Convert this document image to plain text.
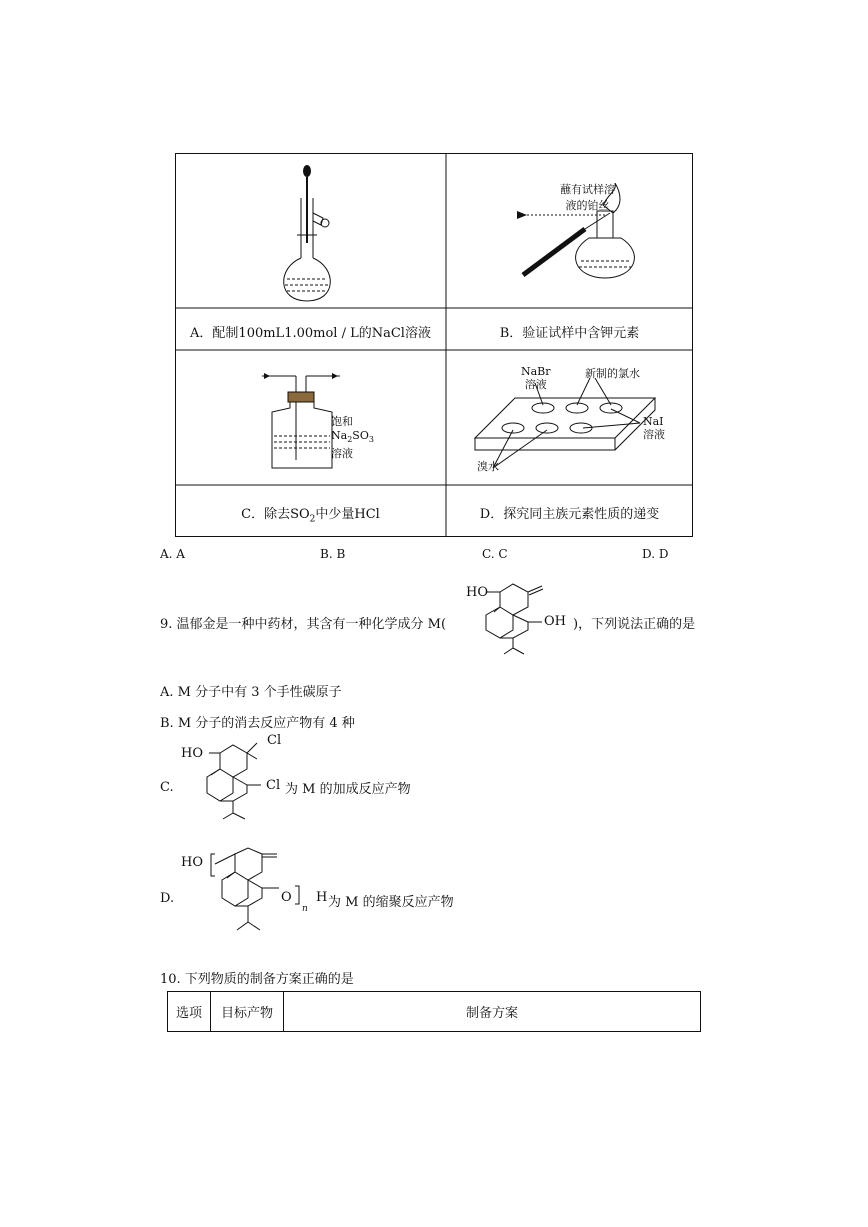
蘸有试样溶
液的铂丝
饱和
$Na_2SO_3$
溶液
NaBr
溶液
新制的氯水
NaI
溶液
溴水
A．配制100mL1.00mol / L的NaCl溶液	B．验证试样中含钾元素
C．除去$SO_2$中少量HCl	D．探究同主族元素性质的递变
A. A	B. B	C. C	D. D
9. 温郁金是一种中药材，其含有一种化学成分 M(
HO
OH )，下列说法正确的是
A. M 分子中有 3 个手性碳原子
B. M 分子的消去反应产物有 4 种
C.
HO
Cl
Cl 为 M 的加成反应产物
D.
HO
O
n
H 为 M 的缩聚反应产物
10. 下列物质的制备方案正确的是
选项	目标产物	制备方案
